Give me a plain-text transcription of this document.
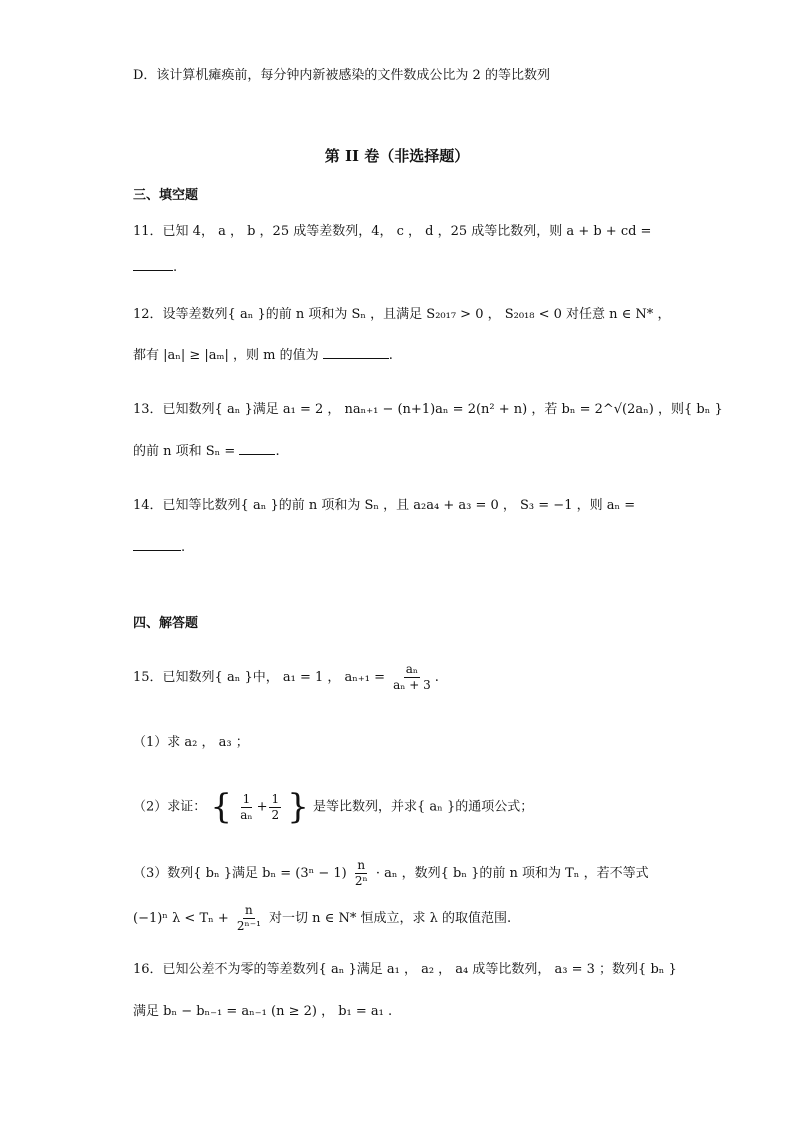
D．该计算机瘫痪前，每分钟内新被感染的文件数成公比为 2 的等比数列
第 II 卷（非选择题）
三、填空题
11．已知 4， a ， b ，25 成等差数列，4， c ， d ，25 成等比数列，则 a + b + cd =
.
12．设等差数列{ aₙ }的前 n 项和为 Sₙ ，且满足 S₂₀₁₇ > 0 ， S₂₀₁₈ < 0 对任意 n ∈ N* ，
都有 |aₙ| ≥ |aₘ| ，则 m 的值为	.
13．已知数列{ aₙ }满足 a₁ = 2 ， naₙ₊₁ − (n+1)aₙ = 2(n² + n) ，若 bₙ = 2^√(2aₙ) ，则{ bₙ }
的前 n 项和 Sₙ =	.
14．已知等比数列{ aₙ }的前 n 项和为 Sₙ ，且 a₂a₄ + a₃ = 0 ， S₃ = −1 ，则 aₙ =
.
四、解答题
15．已知数列{ aₙ }中， a₁ = 1 ， $a_{n+1} = \frac{\text{aₙ}}{\text{aₙ + 3}}$ .
（1）求 a₂ ， a₃ ；
（2）求证： { $\frac{1}{\text{aₙ}} + \frac{1}{2}$ } 是等比数列，并求{ aₙ }的通项公式；
（3）数列{ bₙ }满足 $b_n = (3^n - 1) \frac{n}{\text{2ⁿ}} \cdot a_n$ ，数列{ bₙ }的前 n 项和为 Tₙ ，若不等式
(−1)ⁿ $\lambda < T_n + \frac{n}{\text{2ⁿ⁻¹}}$ 对一切 n ∈ N* 恒成立，求 λ 的取值范围.
16．已知公差不为零的等差数列{ aₙ }满足 a₁ ， a₂ ， a₄ 成等比数列， a₃ = 3 ；数列{ bₙ }
满足 bₙ − bₙ₋₁ = aₙ₋₁ (n ≥ 2) ， b₁ = a₁ .
